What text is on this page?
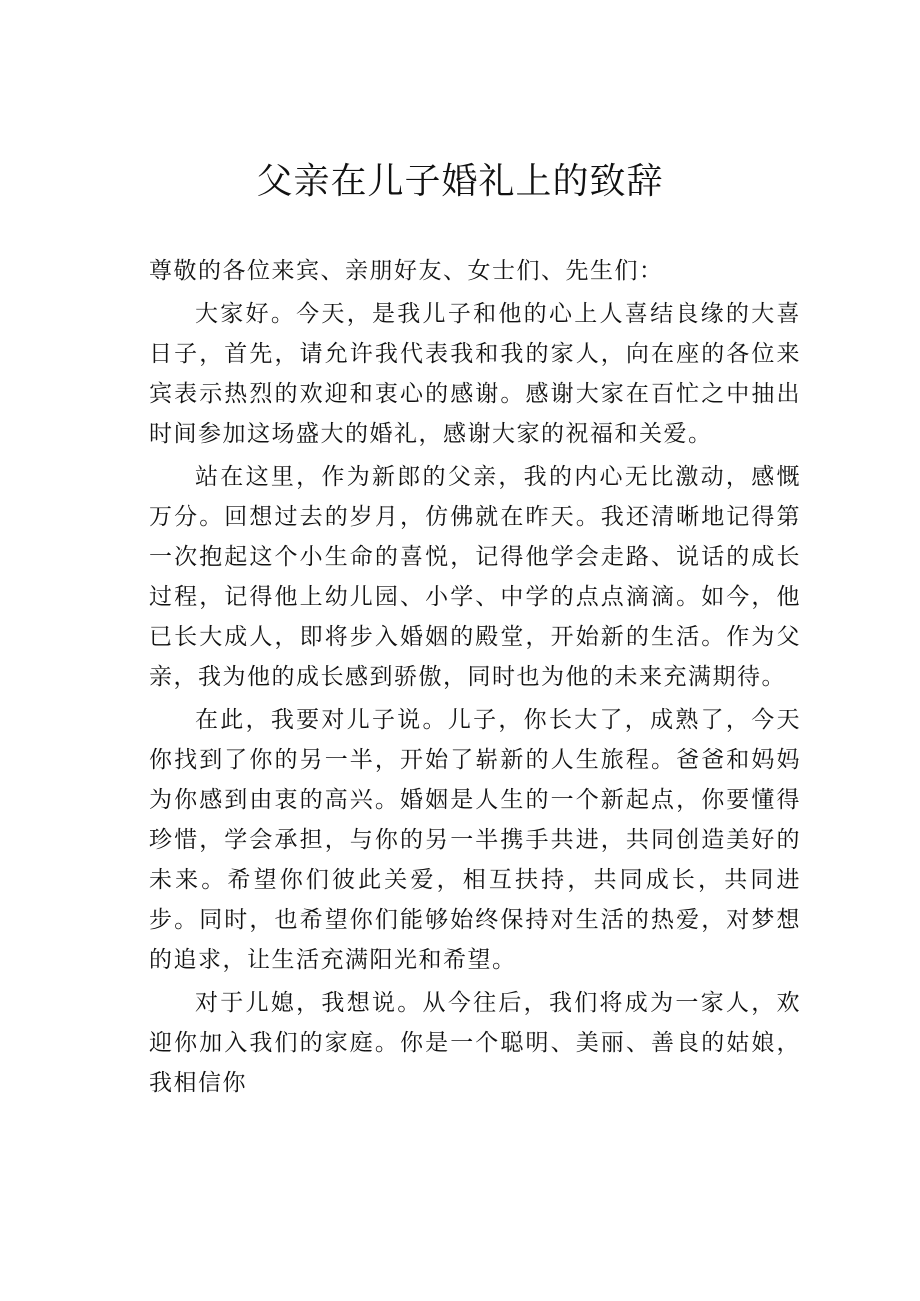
父亲在儿子婚礼上的致辞

尊敬的各位来宾、亲朋好友、女士们、先生们：

大家好。今天，是我儿子和他的心上人喜结良缘的大喜日子，首先，请允许我代表我和我的家人，向在座的各位来宾表示热烈的欢迎和衷心的感谢。感谢大家在百忙之中抽出时间参加这场盛大的婚礼，感谢大家的祝福和关爱。

站在这里，作为新郎的父亲，我的内心无比激动，感慨万分。回想过去的岁月，仿佛就在昨天。我还清晰地记得第一次抱起这个小生命的喜悦，记得他学会走路、说话的成长过程，记得他上幼儿园、小学、中学的点点滴滴。如今，他已长大成人，即将步入婚姻的殿堂，开始新的生活。作为父亲，我为他的成长感到骄傲，同时也为他的未来充满期待。

在此，我要对儿子说。儿子，你长大了，成熟了，今天你找到了你的另一半，开始了崭新的人生旅程。爸爸和妈妈为你感到由衷的高兴。婚姻是人生的一个新起点，你要懂得珍惜，学会承担，与你的另一半携手共进，共同创造美好的未来。希望你们彼此关爱，相互扶持，共同成长，共同进步。同时，也希望你们能够始终保持对生活的热爱，对梦想的追求，让生活充满阳光和希望。

对于儿媳，我想说。从今往后，我们将成为一家人，欢迎你加入我们的家庭。你是一个聪明、美丽、善良的姑娘，我相信你
